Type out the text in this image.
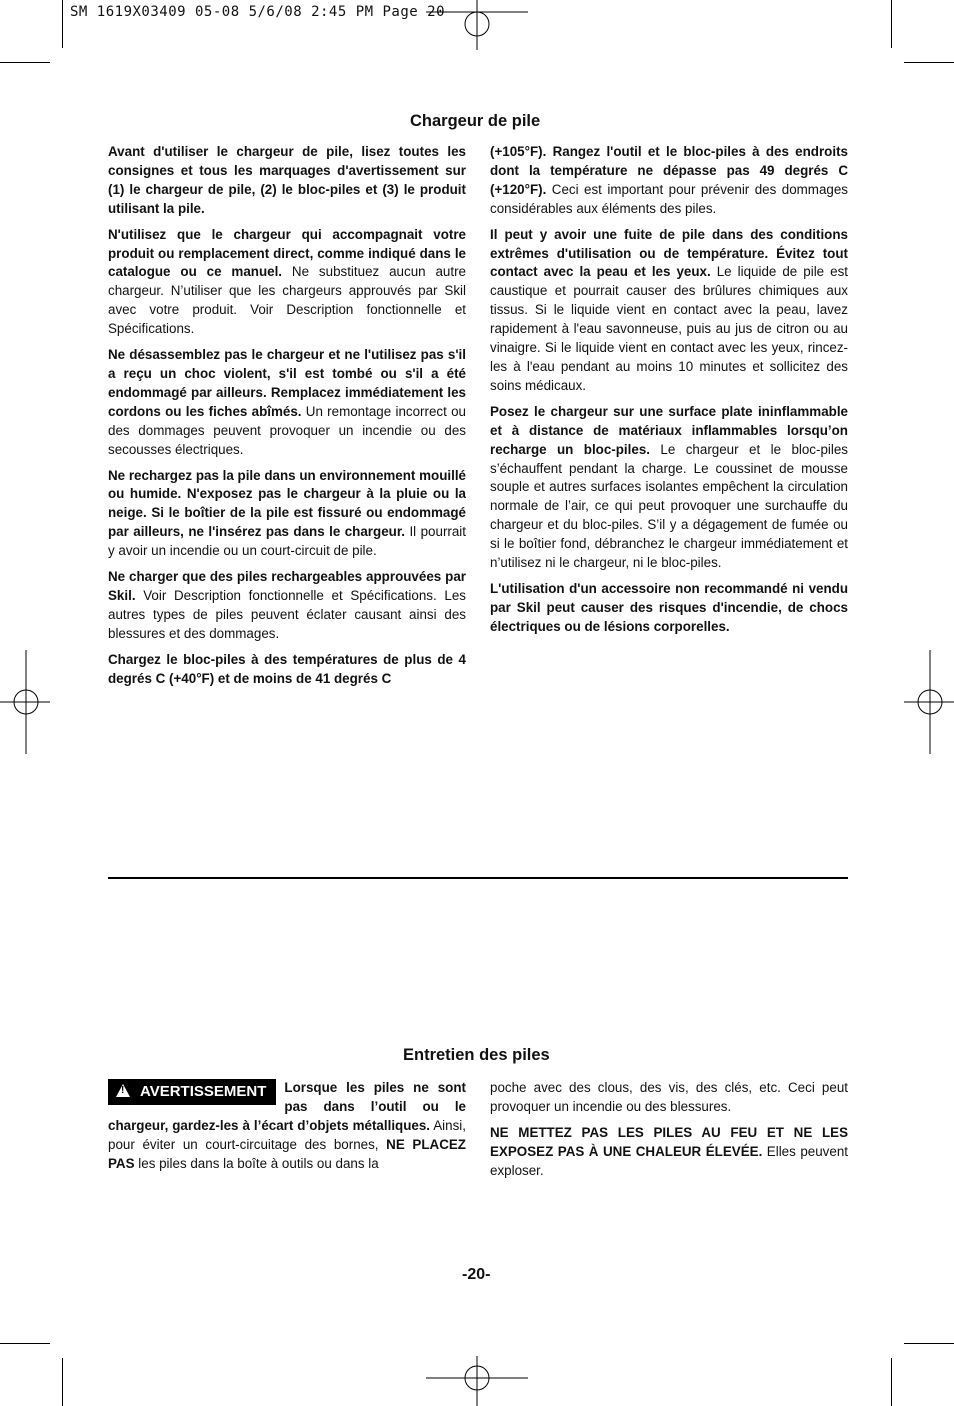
SM 1619X03409 05-08 5/6/08 2:45 PM Page 20
Chargeur de pile

Avant d'utiliser le chargeur de pile, lisez toutes les consignes et tous les marquages d'avertissement sur (1) le chargeur de pile, (2) le bloc-piles et (3) le produit utilisant la pile.

N'utilisez que le chargeur qui accompagnait votre produit ou remplacement direct, comme indiqué dans le catalogue ou ce manuel. Ne substituez aucun autre chargeur. N’utiliser que les chargeurs approuvés par Skil avec votre produit. Voir Description fonctionnelle et Spécifications.

Ne désassemblez pas le chargeur et ne l'utilisez pas s'il a reçu un choc violent, s'il est tombé ou s'il a été endommagé par ailleurs. Remplacez immédiatement les cordons ou les fiches abîmés. Un remontage incorrect ou des dommages peuvent provoquer un incendie ou des secousses électriques.

Ne rechargez pas la pile dans un environnement mouillé ou humide. N'exposez pas le chargeur à la pluie ou la neige. Si le boîtier de la pile est fissuré ou endommagé par ailleurs, ne l'insérez pas dans le chargeur. Il pourrait y avoir un incendie ou un court-circuit de pile.

Ne charger que des piles rechargeables approuvées par Skil. Voir Description fonctionnelle et Spécifications. Les autres types de piles peuvent éclater causant ainsi des blessures et des dommages.

Chargez le bloc-piles à des températures de plus de 4 degrés C (+40°F) et de moins de 41 degrés C

(+105°F). Rangez l'outil et le bloc-piles à des endroits dont la température ne dépasse pas 49 degrés C (+120°F). Ceci est important pour prévenir des dommages considérables aux éléments des piles.

Il peut y avoir une fuite de pile dans des conditions extrêmes d'utilisation ou de température. Évitez tout contact avec la peau et les yeux. Le liquide de pile est caustique et pourrait causer des brûlures chimiques aux tissus. Si le liquide vient en contact avec la peau, lavez rapidement à l'eau savonneuse, puis au jus de citron ou au vinaigre. Si le liquide vient en contact avec les yeux, rincez-les à l'eau pendant au moins 10 minutes et sollicitez des soins médicaux.

Posez le chargeur sur une surface plate ininflammable et à distance de matériaux inflammables lorsqu’on recharge un bloc-piles. Le chargeur et le bloc-piles s’échauffent pendant la charge. Le coussinet de mousse souple et autres surfaces isolantes empêchent la circulation normale de l’air, ce qui peut provoquer une surchauffe du chargeur et du bloc-piles. S’il y a dégagement de fumée ou si le boîtier fond, débranchez le chargeur immédiatement et n’utilisez ni le chargeur, ni le bloc-piles.

L'utilisation d'un accessoire non recommandé ni vendu par Skil peut causer des risques d'incendie, de chocs électriques ou de lésions corporelles.

Entretien des piles

! AVERTISSEMENT	Lorsque les piles ne sont pas dans l’outil ou le chargeur, gardez-les à l’écart d’objets métalliques. Ainsi, pour éviter un court-circuitage des bornes, NE PLACEZ PAS les piles dans la boîte à outils ou dans la

poche avec des clous, des vis, des clés, etc. Ceci peut provoquer un incendie ou des blessures.

NE METTEZ PAS LES PILES AU FEU ET NE LES EXPOSEZ PAS À UNE CHALEUR ÉLEVÉE. Elles peuvent exploser.

-20-
